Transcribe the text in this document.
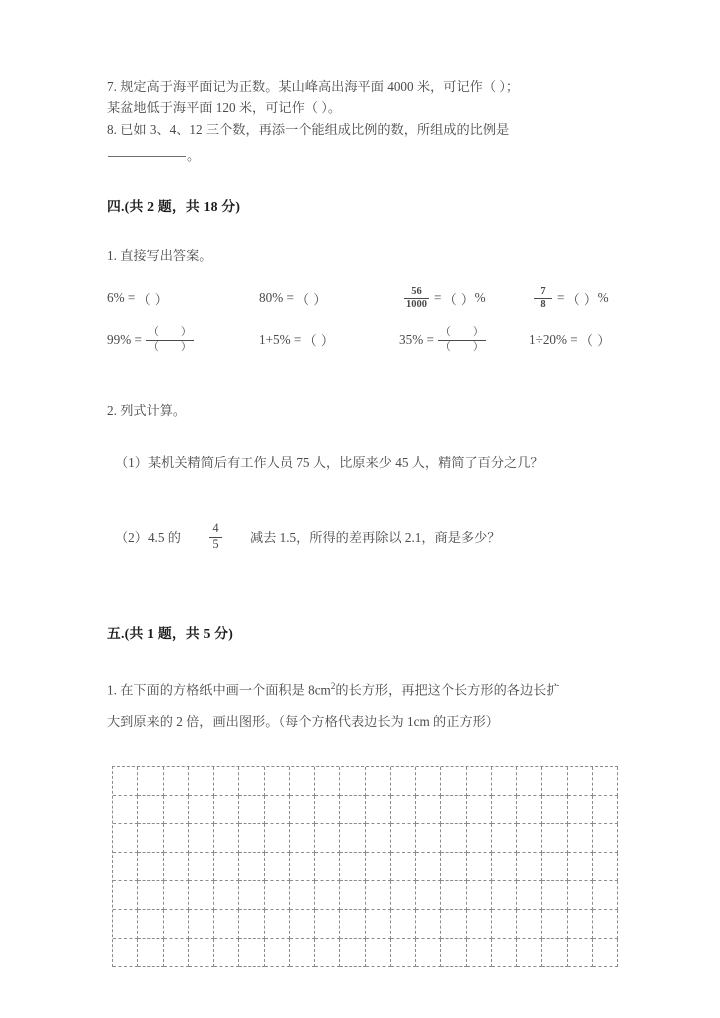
7. 规定高于海平面记为正数。某山峰高出海平面 4000 米，可记作（ ）；
某盆地低于海平面 120 米，可记作（ ）。
8. 已如 3、4、12 三个数，再添一个能组成比例的数，所组成的比例是
。
四.(共 2 题，共 18 分)
1. 直接写出答案。
6% = （ ）	80% = （ ）	$\frac{56}{1000}$ = （ ） %	$\frac{7}{8}$ = （ ） %
$99\% = \frac{( )}{( )}$	1+5% = （ ）	$35\% = \frac{( )}{( )}$	1÷20% = （ ）
2. 列式计算。
（1）某机关精简后有工作人员 75 人，比原来少 45 人，精简了百分之几？
（2）4.5 的 $\frac{4}{5}$ 减去 1.5，所得的差再除以 2.1，商是多少？
五.(共 1 题，共 5 分)
1. 在下面的方格纸中画一个面积是 $8cm^2$的长方形，再把这个长方形的各边长扩
大到原来的 2 倍，画出图形。（每个方格代表边长为 1cm 的正方形）
